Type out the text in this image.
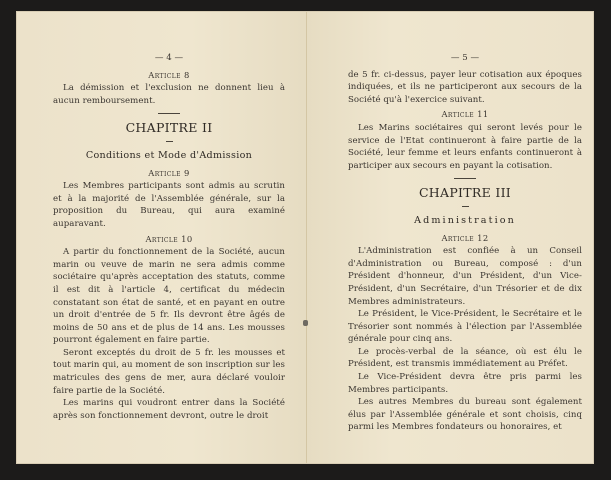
— 4 —
Article 8

La démission et l'exclusion ne donnent lieu à aucun remboursement.

CHAPITRE II
Conditions et Mode d'Admission
Article 9

Les Membres participants sont admis au scrutin et à la majorité de l'Assemblée générale, sur la proposition du Bureau, qui aura examiné auparavant.

Article 10

A partir du fonctionnement de la Société, aucun marin ou veuve de marin ne sera admis comme sociétaire qu'après acceptation des statuts, comme il est dit à l'article 4, certificat du médecin constatant son état de santé, et en payant en outre un droit d'entrée de 5 fr. Ils devront être âgés de moins de 50 ans et de plus de 14 ans. Les mousses pourront également en faire partie.

Seront exceptés du droit de 5 fr. les mousses et tout marin qui, au moment de son inscription sur les matricules des gens de mer, aura déclaré vouloir faire partie de la Société.

Les marins qui voudront entrer dans la Société après son fonctionnement devront, outre le droit

— 5 —

de 5 fr. ci-dessus, payer leur cotisation aux époques indiquées, et ils ne participeront aux secours de la Société qu'à l'exercice suivant.

Article 11

Les Marins sociétaires qui seront levés pour le service de l'Etat continueront à faire partie de la Société, leur femme et leurs enfants continueront à participer aux secours en payant la cotisation.

CHAPITRE III
Administration
Article 12

L'Administration est confiée à un Conseil d'Administration ou Bureau, composé : d'un Président d'honneur, d'un Président, d'un Vice-Président, d'un Secrétaire, d'un Trésorier et de dix Membres administrateurs.

Le Président, le Vice-Président, le Secrétaire et le Trésorier sont nommés à l'élection par l'Assemblée générale pour cinq ans.

Le procès-verbal de la séance, où est élu le Président, est transmis immédiatement au Préfet.

Le Vice-Président devra être pris parmi les Membres participants.

Les autres Membres du bureau sont également élus par l'Assemblée générale et sont choisis, cinq parmi les Membres fondateurs ou honoraires, et
